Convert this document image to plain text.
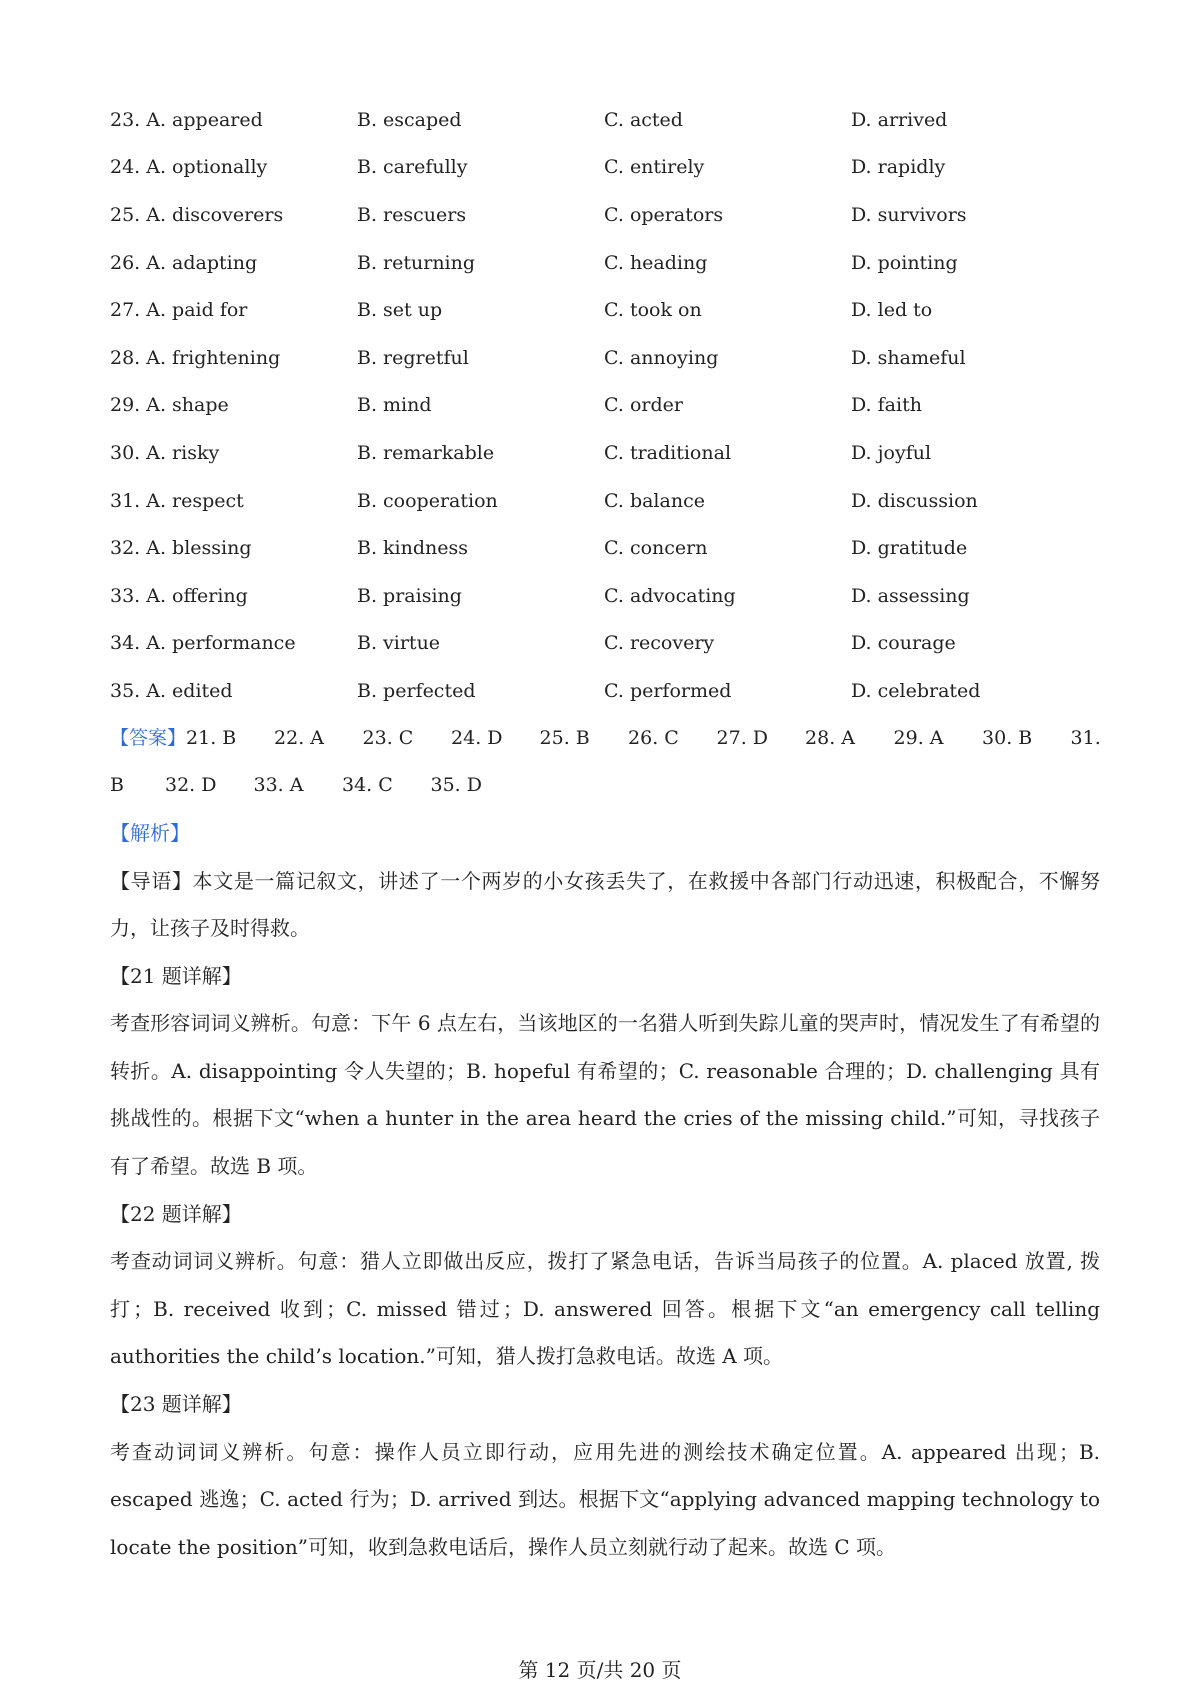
23. A. appeared	B. escaped	C. acted	D. arrived
24. A. optionally	B. carefully	C. entirely	D. rapidly
25. A. discoverers	B. rescuers	C. operators	D. survivors
26. A. adapting	B. returning	C. heading	D. pointing
27. A. paid for	B. set up	C. took on	D. led to
28. A. frightening	B. regretful	C. annoying	D. shameful
29. A. shape	B. mind	C. order	D. faith
30. A. risky	B. remarkable	C. traditional	D. joyful
31. A. respect	B. cooperation	C. balance	D. discussion
32. A. blessing	B. kindness	C. concern	D. gratitude
33. A. offering	B. praising	C. advocating	D. assessing
34. A. performance	B. virtue	C. recovery	D. courage
35. A. edited	B. perfected	C. performed	D. celebrated
【答案】 21. B	22. A	23. C	24. D	25. B	26. C	27. D	28. A	29. A	30. B	31.
B	32. D	33. A	34. C	35. D
【解析】

【导语】本文是一篇记叙文，讲述了一个两岁的小女孩丢失了，在救援中各部门行动迅速，积极配合，不懈努力，让孩子及时得救。

【21 题详解】

考查形容词词义辨析。句意：下午 6 点左右，当该地区的一名猎人听到失踪儿童的哭声时，情况发生了有希望的转折。A. disappointing 令人失望的；B. hopeful 有希望的；C. reasonable 合理的；D. challenging 具有挑战性的。根据下文“when a hunter in the area heard the cries of the missing child.”可知，寻找孩子有了希望。故选 B 项。

【22 题详解】

考查动词词义辨析。句意：猎人立即做出反应，拨打了紧急电话，告诉当局孩子的位置。A. placed 放置, 拨打；B. received 收到；C. missed 错过；D. answered 回答。根据下文“an emergency call telling authorities the child’s location.”可知，猎人拨打急救电话。故选 A 项。

【23 题详解】

考查动词词义辨析。句意：操作人员立即行动，应用先进的测绘技术确定位置。A. appeared 出现；B. escaped 逃逸；C. acted 行为；D. arrived 到达。根据下文“applying advanced mapping technology to locate the position”可知，收到急救电话后，操作人员立刻就行动了起来。故选 C 项。

第 12 页/共 20 页
